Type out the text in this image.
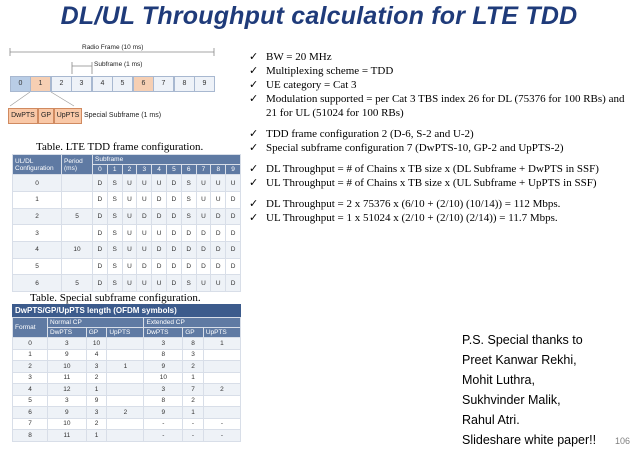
DL/UL Throughput calculation for LTE TDD
Radio Frame (10 ms)
Subframe (1 ms)
0	1	2	3	4	5	6	7	8	9
DwPTS GP UpPTS Special Subframe (1 ms)
Table. LTE TDD frame configuration.
UL/DL Configuration	Period (ms)	Subframe									
		0	1	2	3	4	5	6	7	8	9
0		D	S	U	U	U	D	S	U	U	U
1		D	S	U	U	D	D	S	U	U	D
2	5	D	S	U	D	D	D	S	U	D	D
3		D	S	U	U	U	D	D	D	D	D
4	10	D	S	U	U	D	D	D	D	D	D
5		D	S	U	D	D	D	D	D	D	D
6	5	D	S	U	U	U	D	S	U	U	D
Table. Special subframe configuration.
DwPTS/GP/UpPTS length (OFDM symbols)
Format	Normal CP			Extended CP		
	DwPTS	GP	UpPTS	DwPTS	GP	UpPTS
0	3	10		3	8	1
1	9	4		8	3	
2	10	3	1	9	2	
3	11	2		10	1	
4	12	1		3	7	2
5	3	9		8	2	
6	9	3	2	9	1	
7	10	2		-	-	-
8	11	1		-	-	-
✓ BW = 20 MHz
✓ Multiplexing scheme = TDD
✓ UE category = Cat 3
✓ Modulation supported = per Cat 3 TBS index 26 for DL (75376 for 100 RBs) and 21 for UL (51024 for 100 RBs)
✓ TDD frame configuration 2 (D-6, S-2 and U-2)
✓ Special subframe configuration 7 (DwPTS-10, GP-2 and UpPTS-2)
✓ DL Throughput = # of Chains x TB size x (DL Subframe + DwPTS in SSF)
✓ UL Throughput = # of Chains x TB size x (UL Subframe + UpPTS in SSF)
✓ DL Throughput = 2 x 75376 x (6/10 + (2/10) (10/14)) = 112 Mbps.
✓ UL Throughput = 1 x 51024 x (2/10 + (2/10) (2/14)) = 11.7 Mbps.
P.S. Special thanks to
Preet Kanwar Rekhi,
Mohit Luthra,
Sukhvinder Malik,
Rahul Atri.
Slideshare white paper!! 106
